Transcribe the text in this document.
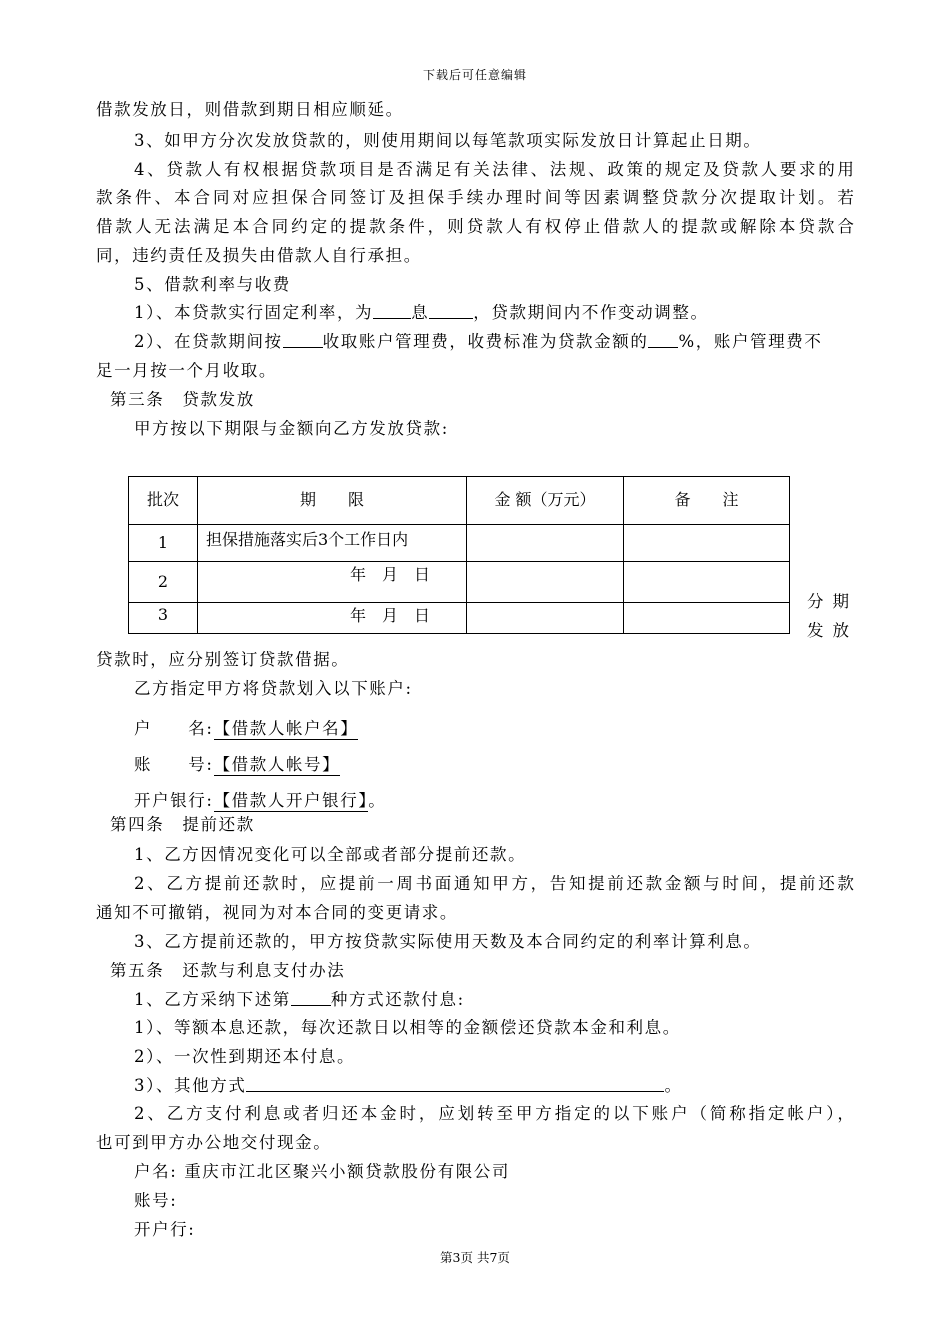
下载后可任意编辑
借款发放日，则借款到期日相应顺延。
3、如甲方分次发放贷款的，则使用期间以每笔款项实际发放日计算起止日期。
4、贷款人有权根据贷款项目是否满足有关法律、法规、政策的规定及贷款人要求的用
款条件、本合同对应担保合同签订及担保手续办理时间等因素调整贷款分次提取计划。若
借款人无法满足本合同约定的提款条件，则贷款人有权停止借款人的提款或解除本贷款合
同，违约责任及损失由借款人自行承担。
5、借款利率与收费
1）、本贷款实行固定利率，为 息	，贷款期间内不作变动调整。
2）、在贷款期间按 收取账户管理费，收费标准为贷款金额的 %，账户管理费不
足一月按一个月收取。
第三条　贷款发放
甲方按以下期限与金额向乙方发放贷款:
批次	期　　限	金 额（万元）	备　　注
1	担保措施落实后3个工作日内		
2	年　月　日		
3	年　月　日		
分期
发放
贷款时，应分别签订贷款借据。
乙方指定甲方将贷款划入以下账户:
户　　名:【借款人帐户名】
账　　号:【借款人帐号】
开户银行:【借款人开户银行】。
第四条　提前还款
1、乙方因情况变化可以全部或者部分提前还款。
2、乙方提前还款时，应提前一周书面通知甲方，告知提前还款金额与时间，提前还款
通知不可撤销，视同为对本合同的变更请求。
3、乙方提前还款的，甲方按贷款实际使用天数及本合同约定的利率计算利息。
第五条　还款与利息支付办法
1、乙方采纳下述第 种方式还款付息:
1）、等额本息还款，每次还款日以相等的金额偿还贷款本金和利息。
2）、一次性到期还本付息。
3）、其他方式	。
2、乙方支付利息或者归还本金时，应划转至甲方指定的以下账户（简称指定帐户），
也可到甲方办公地交付现金。
户名: 重庆市江北区聚兴小额贷款股份有限公司
账号:
开户行:
第3页 共7页
